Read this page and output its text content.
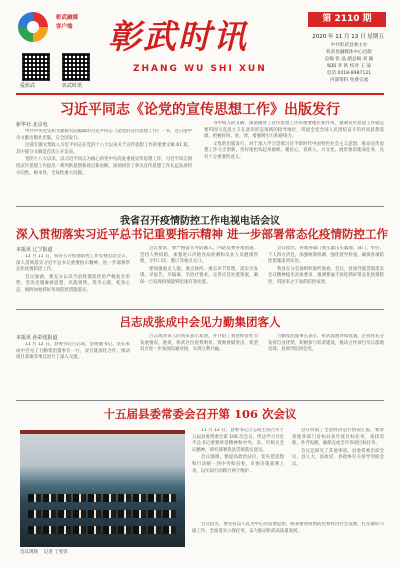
彰武融媒
客户端
爱彰武	彰武时讯
彰武时讯
ZHANG WU SHI XUN
第 2110 期
2020 年 11 月 13 日 星期五
中共彰武县委主办
彰武县融媒体中心出版
总编 张 晶 副总编 刘 颖
编辑 李 新 校对 王 迪
电话 0418-8987121
内部资料 免费交流
习近平同志《论党的宣传思想工作》出版发行
新华社 北京电

中共中央党史和文献研究院编辑的习近平同志《论党的宣传思想工作》一书，近日由中央文献出版社出版，在全国发行。

这部专题文集收入习近平同志在党的十八大以来关于宣传思想工作的重要文稿 61 篇，其中部分文稿是首次公开发表。

党的十八大以来，以习近平同志为核心的党中央高度重视宣传思想工作，习近平同志围绕宣传思想工作提出一系列新思想新观点新论断，深刻回答了事关宣传思想工作长远发展的方向性、根本性、全局性重大问题。

书中收入的文稿，深刻阐述了宣传思想工作的重要地位和作用，强调宣传思想工作就是要巩固马克思主义在意识形态领域的指导地位，巩固全党全国人民团结奋斗的共同思想基础，把握好时、度、效，增强吸引力和感染力。

文集的出版发行，对于深入学习贯彻习近平新时代中国特色社会主义思想，推动宣传思想工作守正创新，更好地担负起举旗帜、聚民心、育新人、兴文化、展形象的使命任务，具有十分重要的意义。

我省召开疫情防控工作电视电话会议
深入贯彻落实习近平总书记重要指示精神 进一步部署常态化疫情防控工作
本报讯 辽宁报道

11 月 11 日，我省召开疫情防控工作电视电话会议，深入贯彻落实习近平总书记重要指示精神，进一步部署常态化疫情防控工作。

会议强调，要充分认识当前疫情防控的严峻复杂形势，坚决克服麻痹思想、厌战情绪、侥幸心理、松劲心态，慎终如始抓好各项防控措施落实。

会议要求，要严格落实外防输入、内防反弹各项措施，坚持人物同防，加强进口冷链食品检测和从业人员健康管理，守好口岸、港口等重点关口。

要加强重点人群、重点场所、重点环节管理，落实早发现、早报告、早隔离、早治疗要求，完善应急处置预案，确保一旦发现疫情能够迅速有效处置。

会议指出，各地各部门要压紧压实属地、部门、单位、个人四方责任，加强统筹协调，强化督导检查，确保各项防控措施落到实处。

我县在分会场组织收听收看。会后，县领导就贯彻落实会议精神提出具体要求，强调要毫不放松抓好常态化疫情防控，巩固来之不易的防控成果。

吕志成张成中会见力勤集团客人
本报讯 孙彩莲报道

11 月 12 日，县委书记吕志成，县委副书记、县长张成中会见了力勤集团董事长一行，双方就深化合作、推动项目落地等事宜进行了深入交流。

吕志成对客人的到来表示欢迎，并介绍了我县经济社会发展情况。他说，彰武区位优势明显、资源禀赋突出，希望双方进一步加强沟通对接，实现互利共赢。

力勤集团董事长表示，彰武发展环境优越，企业将充分发挥自身优势，积极参与彰武建设，推动合作项目早日落地见效。县领导陪同会见。

十五届县委常委会召开第 106 次会议
会议现场 记者 丁宪荣

11 月 12 日，县委书记吕志成主持召开十五届县委常委会第 106 次会议，传达学习习近平总书记重要讲话精神和中央、省、市相关会议精神，研究部署我县贯彻落实意见。

会议强调，要提高政治站位，切实把思想和行动统一到中央和省委、市委决策部署上来，以实际行动践行两个维护。

会议听取了全县经济运行情况汇报，要求各地各部门对标对表年度目标任务，查找差距，补齐短板，确保完成全年各项目标任务。

会议还研究了其他事项。县委常委出席会议，县人大、县政府、县政协有关领导列席会议。

会议指出，要坚持以人民为中心的发展思想，统筹推进疫情防控和经济社会发展，扎实做好六稳工作、全面落实六保任务，奋力推动彰武高质量发展。
